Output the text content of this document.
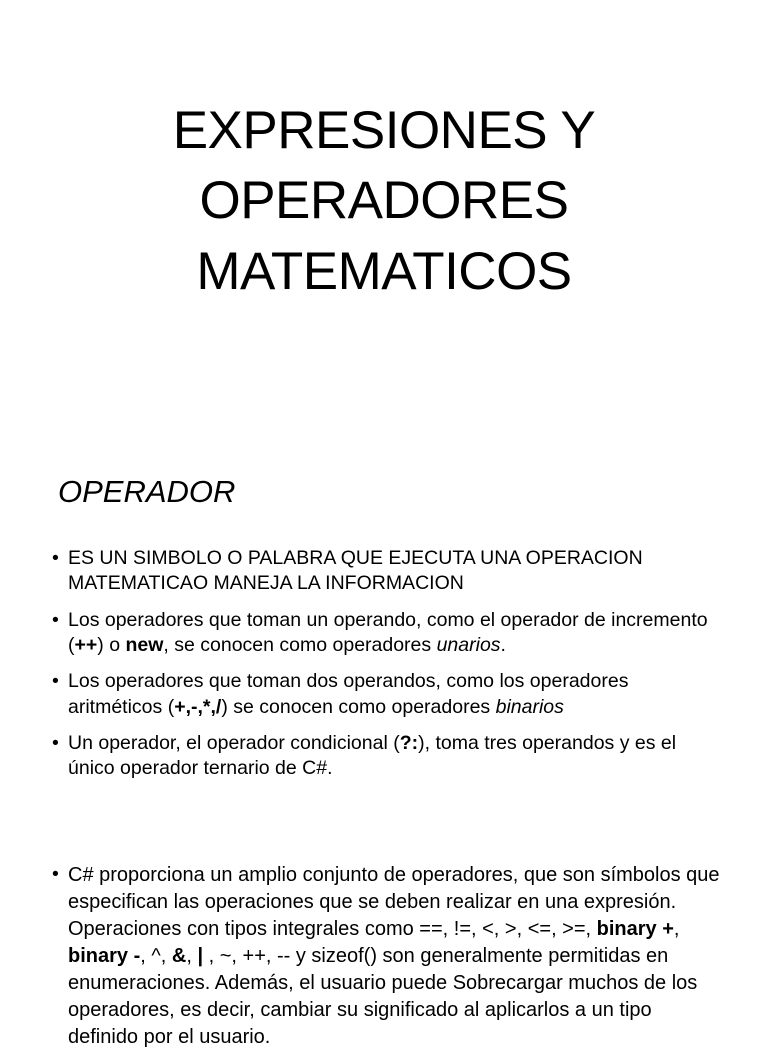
EXPRESIONES Y
OPERADORES
MATEMATICOS
OPERADOR
• ES UN SIMBOLO O PALABRA QUE EJECUTA UNA OPERACION MATEMATICAO MANEJA LA INFORMACION
• Los operadores que toman un operando, como el operador de incremento (++) o new, se conocen como operadores unarios.
• Los operadores que toman dos operandos, como los operadores aritméticos (+,-,*,/) se conocen como operadores binarios
• Un operador, el operador condicional (?:), toma tres operandos y es el único operador ternario de C#.
• C# proporciona un amplio conjunto de operadores, que son símbolos que especifican las operaciones que se deben realizar en una expresión. Operaciones con tipos integrales como ==, !=, <, >, <=, >=, binary +, binary -, ^, &, | , ~, ++, -- y sizeof() son generalmente permitidas en enumeraciones. Además, el usuario puede Sobrecargar muchos de los operadores, es decir, cambiar su significado al aplicarlos a un tipo definido por el usuario.
